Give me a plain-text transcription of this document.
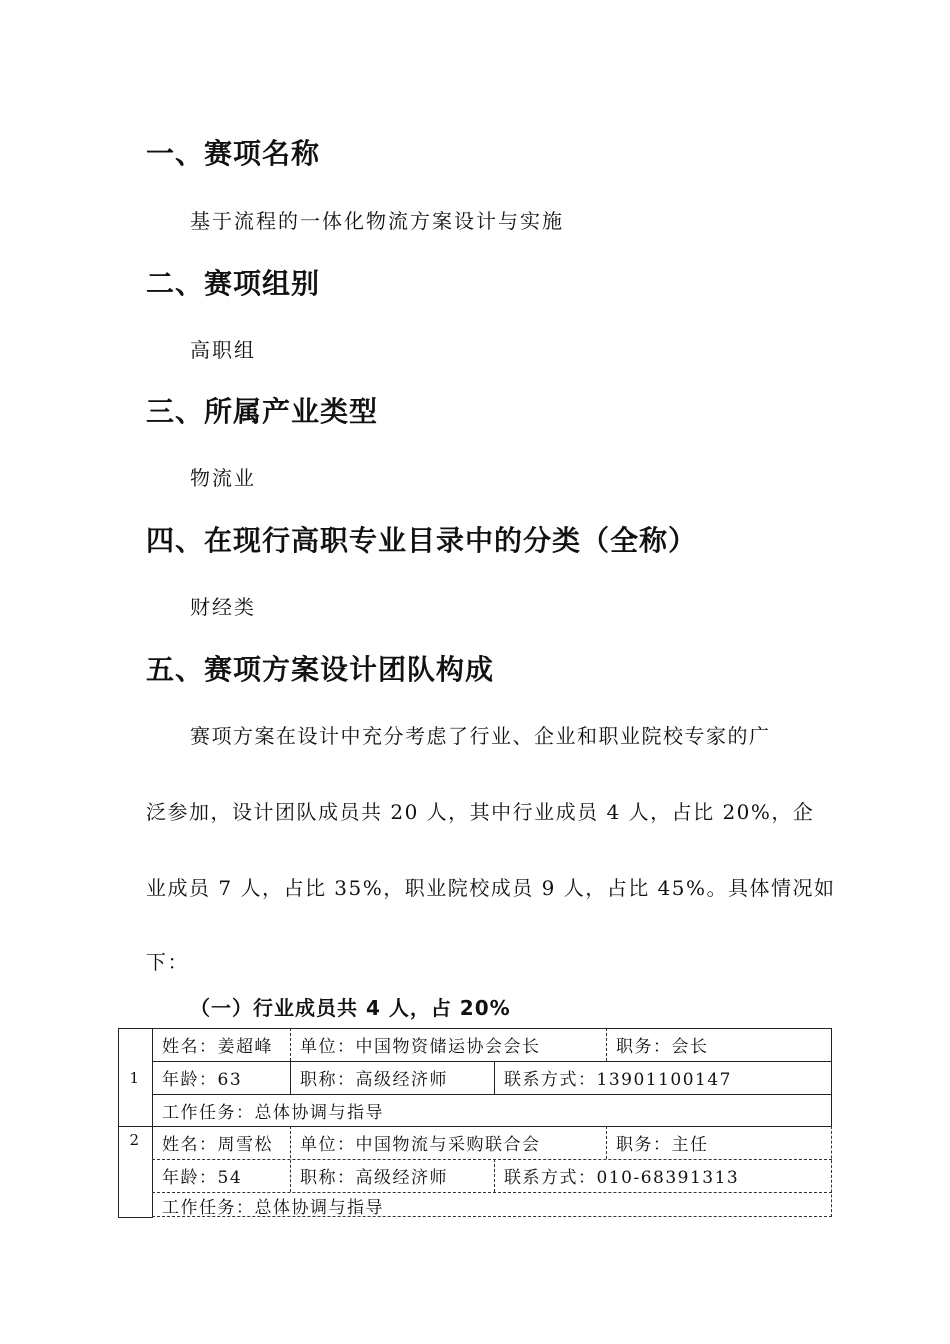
一、赛项名称

基于流程的一体化物流方案设计与实施

二、赛项组别

高职组

三、所属产业类型

物流业

四、在现行高职专业目录中的分类（全称）

财经类

五、赛项方案设计团队构成

赛项方案在设计中充分考虑了行业、企业和职业院校专家的广

泛参加，设计团队成员共 20 人，其中行业成员 4 人，占比 20%，企

业成员 7 人，占比 35%，职业院校成员 9 人，占比 45%。具体情况如

下：

（一）行业成员共 4 人，占 20%

1
姓名：姜超峰	单位：中国物资储运协会会长	职务：会长
年龄：63	职称：高级经济师	联系方式：13901100147
工作任务：总体协调与指导
2	姓名：周雪松	单位：中国物流与采购联合会	职务：主任
年龄：54	职称：高级经济师	联系方式：010-68391313
工作任务：总体协调与指导
